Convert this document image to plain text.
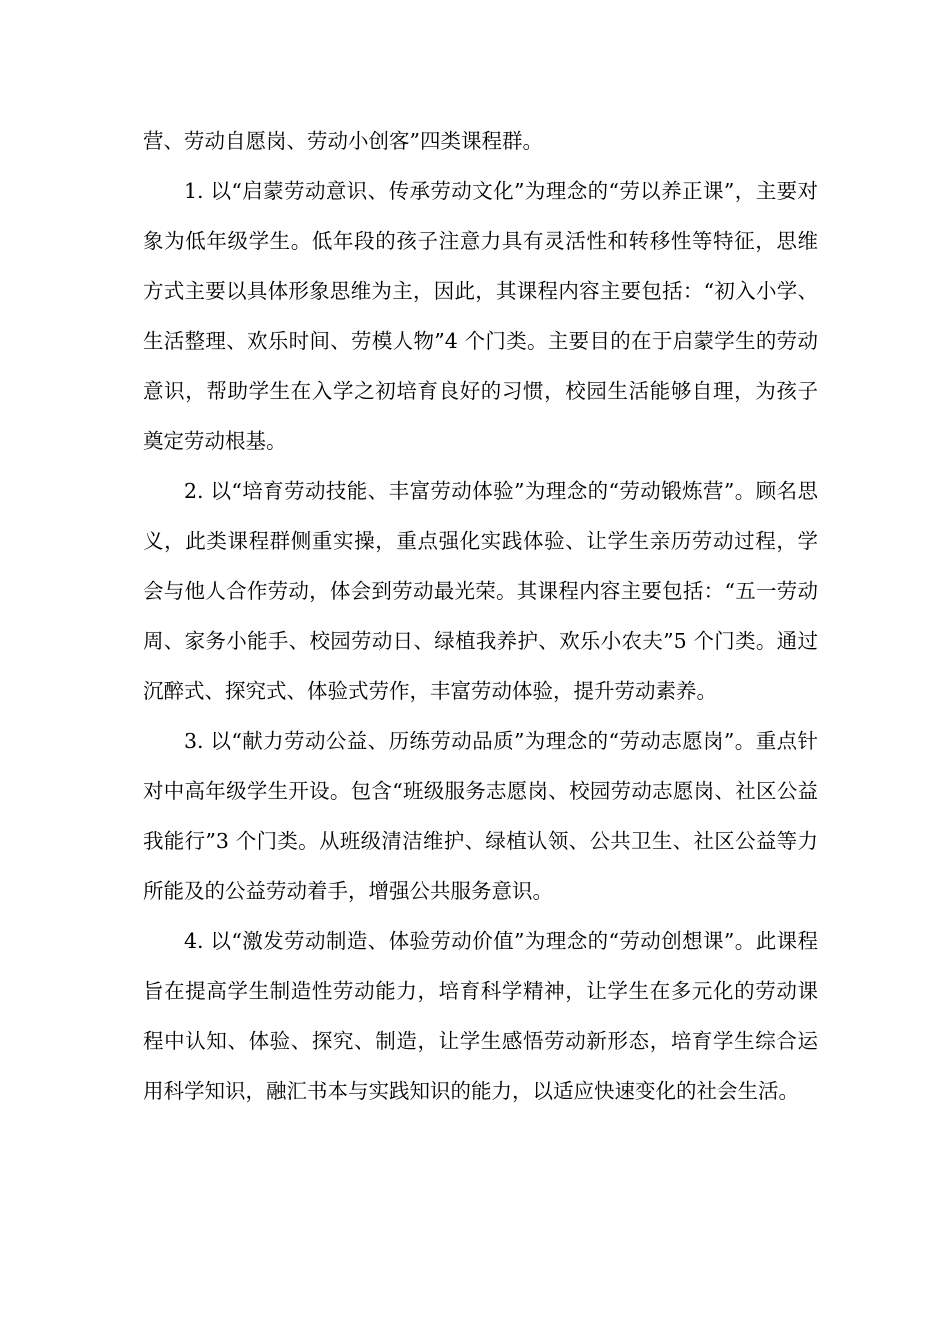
营、劳动自愿岗、劳动小创客”四类课程群。

1. 以“启蒙劳动意识、传承劳动文化”为理念的“劳以养正课”，主要对象为低年级学生。低年段的孩子注意力具有灵活性和转移性等特征，思维方式主要以具体形象思维为主，因此，其课程内容主要包括：“初入小学、生活整理、欢乐时间、劳模人物”4 个门类。主要目的在于启蒙学生的劳动意识，帮助学生在入学之初培育良好的习惯，校园生活能够自理，为孩子奠定劳动根基。

2. 以“培育劳动技能、丰富劳动体验”为理念的“劳动锻炼营”。顾名思义，此类课程群侧重实操，重点强化实践体验、让学生亲历劳动过程，学会与他人合作劳动，体会到劳动最光荣。其课程内容主要包括：“五一劳动周、家务小能手、校园劳动日、绿植我养护、欢乐小农夫”5 个门类。通过沉醉式、探究式、体验式劳作，丰富劳动体验，提升劳动素养。

3. 以“献力劳动公益、历练劳动品质”为理念的“劳动志愿岗”。重点针对中高年级学生开设。包含“班级服务志愿岗、校园劳动志愿岗、社区公益我能行”3 个门类。从班级清洁维护、绿植认领、公共卫生、社区公益等力所能及的公益劳动着手，增强公共服务意识。

4. 以“激发劳动制造、体验劳动价值”为理念的“劳动创想课”。此课程旨在提高学生制造性劳动能力，培育科学精神，让学生在多元化的劳动课程中认知、体验、探究、制造，让学生感悟劳动新形态，培育学生综合运用科学知识，融汇书本与实践知识的能力，以适应快速变化的社会生活。
